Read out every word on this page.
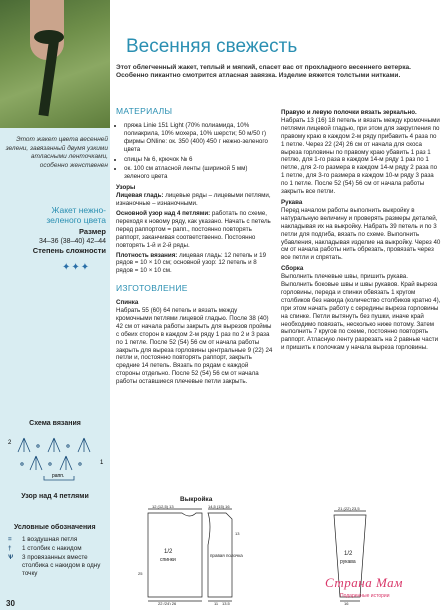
Этот жакет цвета весенней зелени, завязанный двумя узкими атласными ленточками, особенно женственен
Жакет нежно-
зеленого цвета
Размер
34–36 (38–40) 42–44
Степень сложности
✦✦✦
Схема вязания
2
1
рапп.
Узор над 4 петлями
Условные обозначения
=	1 воздушная петля
†	1 столбик с накидом
Ѱ	3 провязанных вместе столбика с накидом в одну точку
30
Весенняя свежесть
Этот облегченный жакет, теплый и мягкий, спасет вас от прохладного весеннего ветерка. Особенно пикантно смотрится атласная завязка. Изделие вяжется толстыми нитками.
МАТЕРИАЛЫ
• пряжа Linie 151 Light (70% полиамида, 10% полиакрила, 10% мохера, 10% шерсти; 50 м/50 г) фирмы ONline: ок. 350 (400) 450 г нежно-зеленого цвета
• спицы № 6, крючок № 6
• ок. 100 см атласной ленты (шириной 5 мм) зеленого цвета
Узоры

Лицевая гладь: лицевые ряды – лицевыми петлями, изнаночные – изнаночными.

Основной узор над 4 петлями: работать по схеме, переходя к новому ряду, как указано. Начать с петель перед раппортом = рапп., постоянно повторять раппорт, заканчивая соответственно. Постоянно повторять 1-й и 2-й ряды.

Плотность вязания: лицевая гладь: 12 петель и 19 рядов = 10 × 10 см; основной узор: 12 петель и 8 рядов = 10 × 10 см.

ИЗГОТОВЛЕНИЕ
Спинка

Набрать 55 (60) 64 петель и вязать между кромочными петлями лицевой гладью. После 38 (40) 42 см от начала работы закрыть для вырезов проймы с обеих сторон в каждом 2-м ряду 1 раз по 2 и 3 раза по 1 петле. После 52 (54) 56 см от начала работы закрыть для выреза горловины центральные 9 (22) 24 петли и, постоянно повторять раппорт, закрыть средние 14 петель. Вязать по рядам с каждой стороны отдельно. После 52 (54) 56 см от начала работы оставшиеся плечевые петли закрыть.

Правую и левую полочки вязать зеркально.

Набрать 13 (16) 18 петель и вязать между кромочными петлями лицевой гладью, при этом для закругления по правому краю в каждом 2-м ряду прибавить 4 раза по 1 петле. Через 22 (24) 26 см от начала для скоса выреза горловины по правому краю убавить 1 раз 1 петлю, для 1-го раза в каждом 14-м ряду 1 раз по 1 петле, для 2-го размера в каждом 14-м ряду 2 раза по 1 петле, для 3-го размера в каждом 10-м ряду 3 раза по 1 петле. После 52 (54) 56 см от начала работы закрыть все петли.

Рукава

Перед началом работы выполнить выкройку в натуральную величину и проверять размеры деталей, накладывая их на выкройку. Набрать 39 петель и по 3 петли для подгиба, вязать по схеме. Выполнить убавления, накладывая изделие на выкройку. Через 40 см от начала работы нить обрезать, провязать через все петли и спрятать.

Сборка

Выполнить плечевые швы, пришить рукава. Выполнить боковые швы и швы рукавов. Край выреза горловины, переда и спинки обвязать 1 кругом столбиков без накида (количество столбиков кратно 4), при этом начать работу с середины выреза горловины на спинке. Петли вытянуть без пушки, иначе край необходимо повязать, несколько ниже потому. Затем выполнить 7 кругов по схеме, постоянно повторять раппорт. Атласную ленту разрезать на 2 равные части и пришить к полочкам у начала выреза горловины.

Выкройка
12 (12,5) 13	14,5 (15) 16	21 (22) 23,5
1/2
спинки
правая полочка	1/2
рукава
22 (24) 26	11 13,5	16
25
13
Страна Мам
Подаренные истории
